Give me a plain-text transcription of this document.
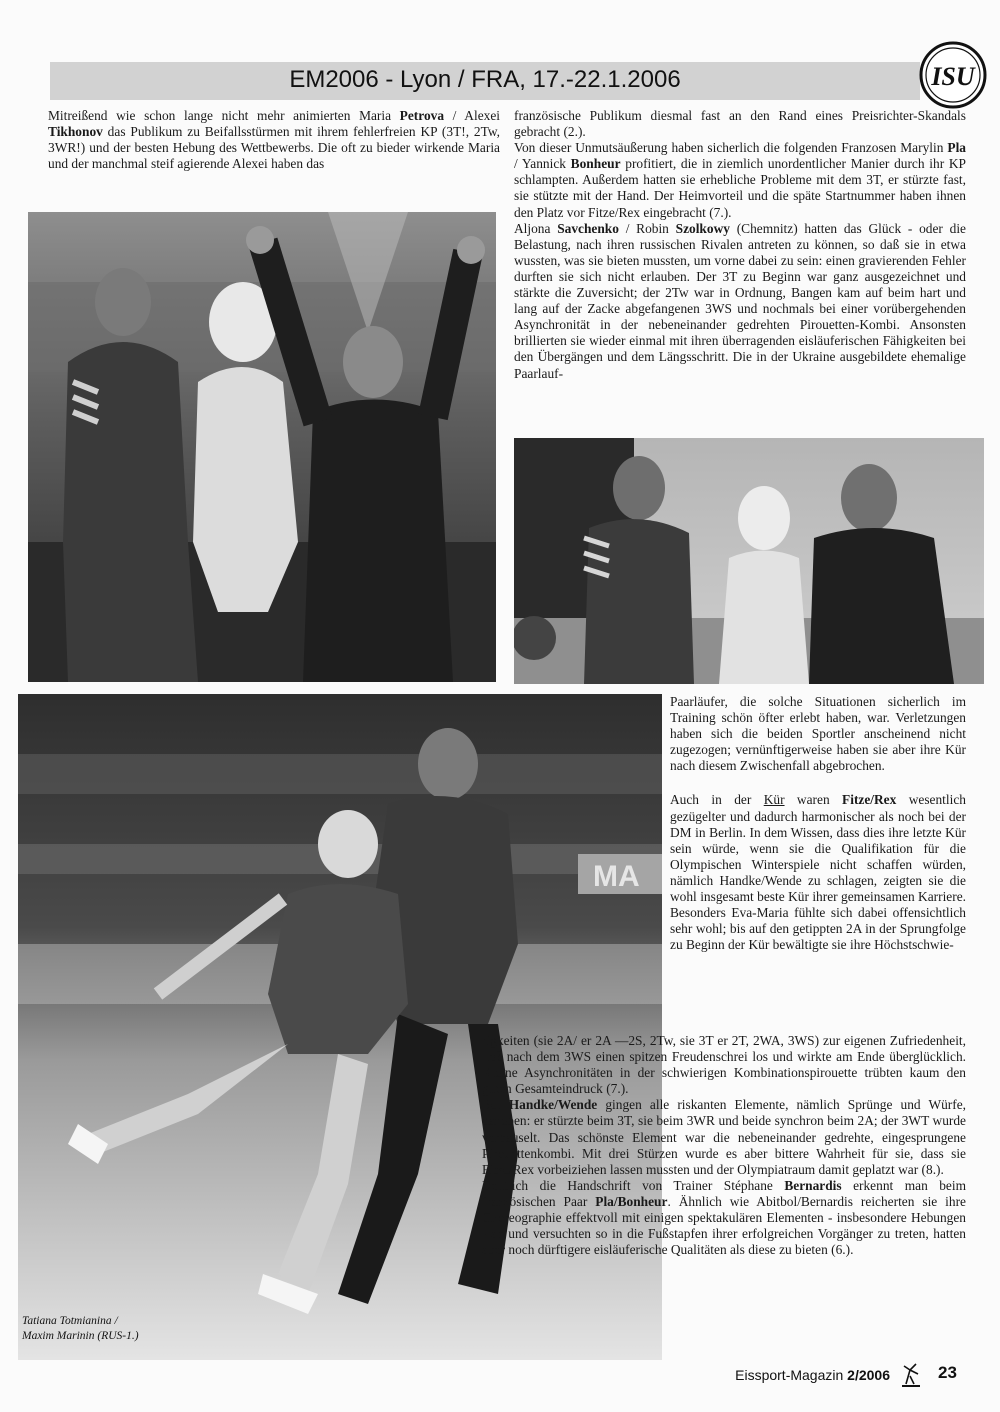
EM2006 - Lyon / FRA, 17.-22.1.2006	ISU

Mitreißend wie schon lange nicht mehr animierten Maria Petrova / Alexei Tikhonov das Publikum zu Beifallsstürmen mit ihrem fehlerfreien KP (3T!, 2Tw, 3WR!) und der besten Hebung des Wettbewerbs. Die oft zu bieder wirkende Maria und der manchmal steif agierende Alexei haben das

französische Publikum diesmal fast an den Rand eines Preisrichter-Skandals gebracht (2.).

Von dieser Unmutsäußerung haben sicherlich die folgenden Franzosen Marylin Pla / Yannick Bonheur profitiert, die in ziemlich unordentlicher Manier durch ihr KP schlampten. Außerdem hatten sie erhebliche Probleme mit dem 3T, er stürzte fast, sie stützte mit der Hand. Der Heimvorteil und die späte Startnummer haben ihnen den Platz vor Fitze/Rex eingebracht (7.).

Aljona Savchenko / Robin Szolkowy (Chemnitz) hatten das Glück - oder die Belastung, nach ihren russischen Rivalen antreten zu können, so daß sie in etwa wussten, was sie bieten mussten, um vorne dabei zu sein: einen gravierenden Fehler durften sie sich nicht erlauben. Der 3T zu Beginn war ganz ausgezeichnet und stärkte die Zuversicht; der 2Tw war in Ordnung, Bangen kam auf beim hart und lang auf der Zacke abgefangenen 3WS und nochmals bei einer vorübergehenden Asynchronität in der nebeneinander gedrehten Pirouetten-Kombi. Ansonsten brillierten sie wieder einmal mit ihren überragenden eisläuferischen Fähigkeiten bei den Übergängen und dem Längsschritt. Die in der Ukraine ausgebildete ehemalige Paarlauf-

MA
Tatiana Totmianina /
Maxim Marinin (RUS-1.)

Paarläufer, die solche Situationen sicherlich im Training schön öfter erlebt haben, war. Verletzungen haben sich die beiden Sportler anscheinend nicht zugezogen; vernünftigerweise haben sie aber ihre Kür nach diesem Zwischenfall abgebrochen.

Auch in der Kür waren Fitze/Rex wesentlich gezügelter und dadurch harmonischer als noch bei der DM in Berlin. In dem Wissen, dass dies ihre letzte Kür sein würde, wenn sie die Qualifikation für die Olympischen Winterspiele nicht schaffen würden, nämlich Handke/Wende zu schlagen, zeigten sie die wohl insgesamt beste Kür ihrer gemeinsamen Karriere. Besonders Eva-Maria fühlte sich dabei offensichtlich sehr wohl; bis auf den getippten 2A in der Sprungfolge zu Beginn der Kür bewältigte sie ihre Höchstschwie-

rigkeiten (sie 2A/ er 2A —2S, 2Tw, sie 3T er 2T, 2WA, 3WS) zur eigenen Zufriedenheit, ließ nach dem 3WS einen spitzen Freudenschrei los und wirkte am Ende überglücklich. Kleine Asynchronitäten in der schwierigen Kombinationspirouette trübten kaum den guten Gesamteindruck (7.).

Bei Handke/Wende gingen alle riskanten Elemente, nämlich Sprünge und Würfe, daneben: er stürzte beim 3T, sie beim 3WR und beide synchron beim 2A; der 3WT wurde verbauselt. Das schönste Element war die nebeneinander gedrehte, eingesprungene Pirouettenkombi. Mit drei Stürzen wurde es aber bittere Wahrheit für sie, dass sie Fitze/Rex vorbeiziehen lassen mussten und der Olympiatraum damit geplatzt war (8.).

Deutlich die Handschrift von Trainer Stéphane Bernardis erkennt man beim französischen Paar Pla/Bonheur. Ähnlich wie Abitbol/Bernardis reicherten sie ihre Choreographie effektvoll mit einigen spektakulären Elementen - insbesondere Hebungen - an und versuchten so in die Fußstapfen ihrer erfolgreichen Vorgänger zu treten, hatten aber noch dürftigere eisläuferische Qualitäten als diese zu bieten (6.).

Eissport-Magazin 2/2006	23
